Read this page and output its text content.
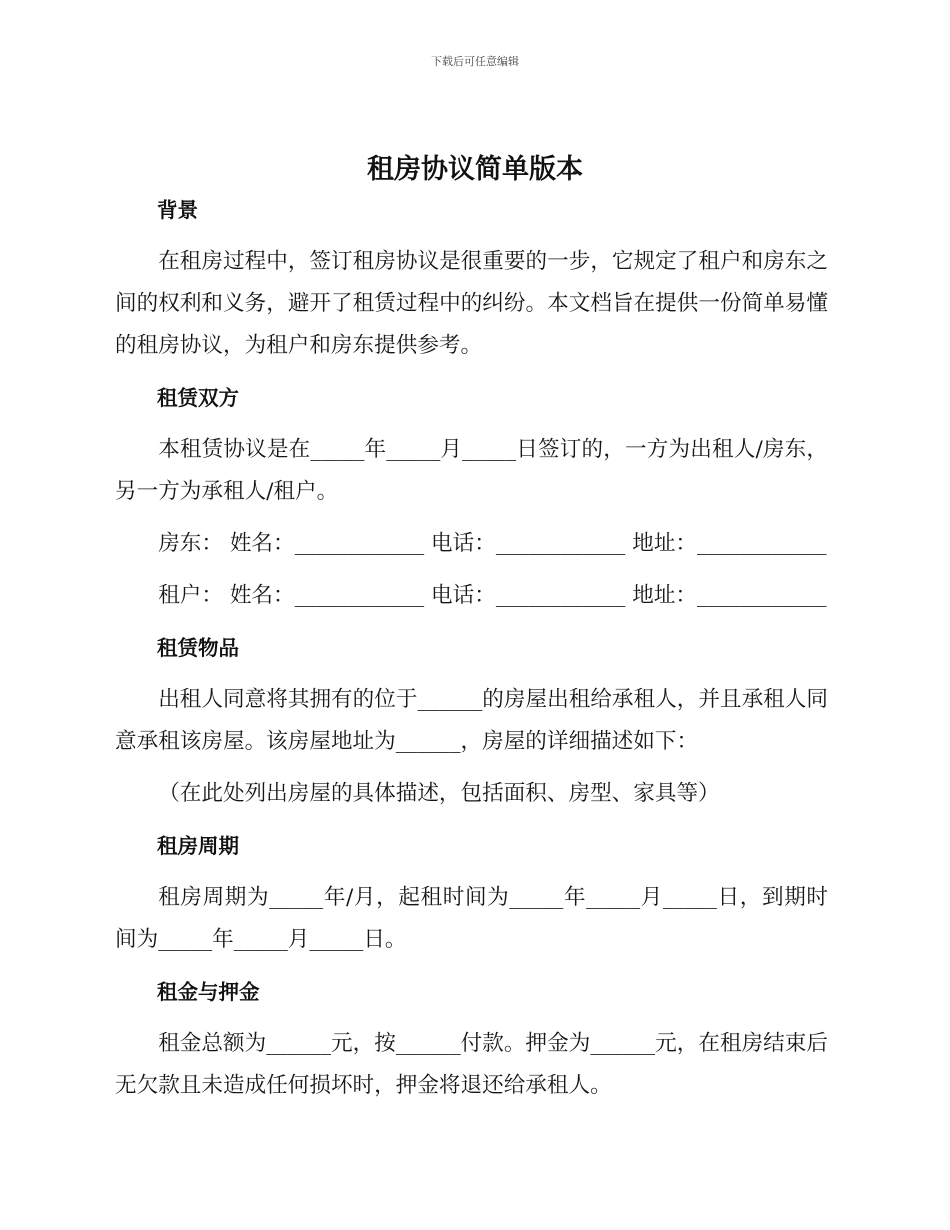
下载后可任意编辑
租房协议简单版本
背景
在租房过程中，签订租房协议是很重要的一步，它规定了租户和房东之
间的权利和义务，避开了租赁过程中的纠纷。本文档旨在提供一份简单易懂
的租房协议，为租户和房东提供参考。
租赁双方
本租赁协议是在_____年_____月_____日签订的，一方为出租人/房东，
另一方为承租人/租户。
房东： 姓名：____________ 电话：____________ 地址：____________
租户： 姓名：____________ 电话：____________ 地址：____________
租赁物品
出租人同意将其拥有的位于______的房屋出租给承租人，并且承租人同
意承租该房屋。该房屋地址为______，房屋的详细描述如下：
（在此处列出房屋的具体描述，包括面积、房型、家具等）
租房周期
租房周期为_____年/月，起租时间为_____年_____月_____日，到期时
间为_____年_____月_____日。
租金与押金
租金总额为______元，按______付款。押金为______元，在租房结束后
无欠款且未造成任何损坏时，押金将退还给承租人。
